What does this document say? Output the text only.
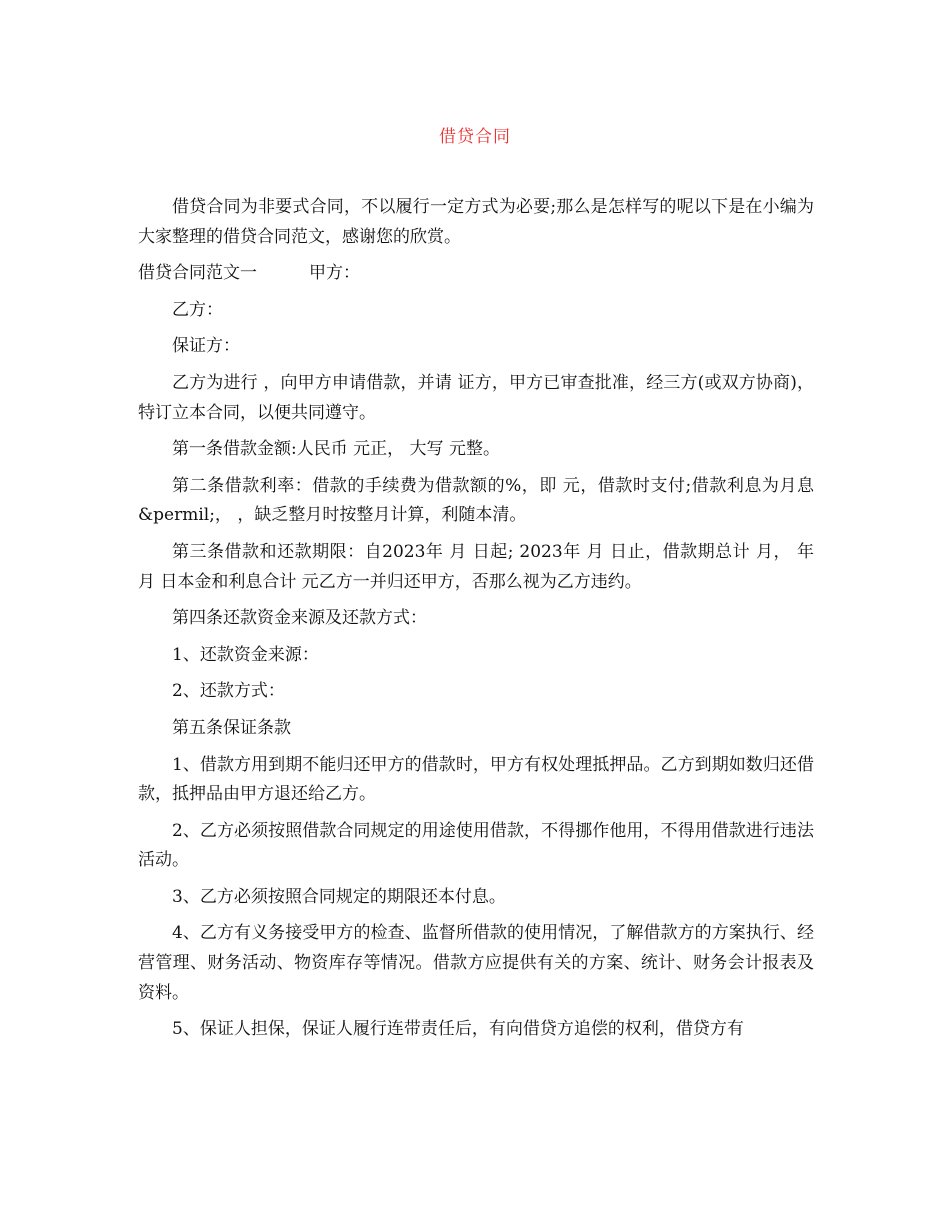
借贷合同

借贷合同为非要式合同，不以履行一定方式为必要;那么是怎样写的呢以下是在小编为大家整理的借贷合同范文，感谢您的欣赏。

借贷合同范文一	甲方：

乙方：

保证方：

乙方为进行 ，向甲方申请借款，并请 证方，甲方已审查批准，经三方(或双方协商)，特订立本合同，以便共同遵守。

第一条借款金额:人民币 元正， 大写 元整。

第二条借款利率：借款的手续费为借款额的%，即 元，借款时支付;借款利息为月息 &permil;， ，缺乏整月时按整月计算，利随本清。

第三条借款和还款期限：自2023年 月 日起; 2023年 月 日止，借款期总计 月， 年 月 日本金和利息合计 元乙方一并归还甲方，否那么视为乙方违约。

第四条还款资金来源及还款方式：

1、还款资金来源：

2、还款方式：

第五条保证条款

1、借款方用到期不能归还甲方的借款时，甲方有权处理抵押品。乙方到期如数归还借款，抵押品由甲方退还给乙方。

2、乙方必须按照借款合同规定的用途使用借款，不得挪作他用，不得用借款进行违法活动。

3、乙方必须按照合同规定的期限还本付息。

4、乙方有义务接受甲方的检查、监督所借款的使用情况，了解借款方的方案执行、经营管理、财务活动、物资库存等情况。借款方应提供有关的方案、统计、财务会计报表及资料。

5、保证人担保，保证人履行连带责任后，有向借贷方追偿的权利，借贷方有
